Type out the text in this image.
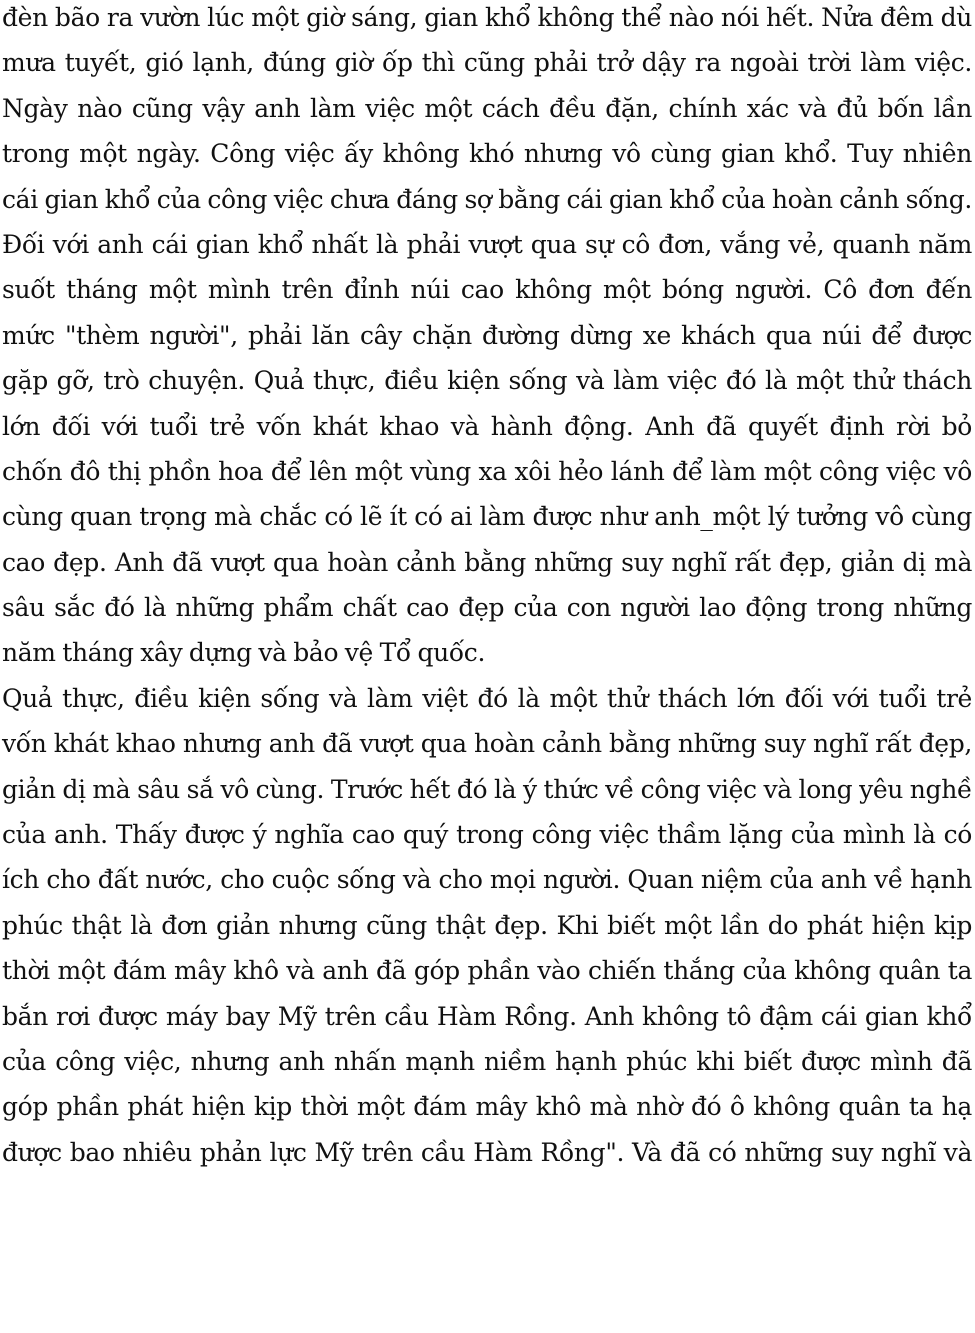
đèn bão ra vườn lúc một giờ sáng, gian khổ không thể nào nói hết. Nửa đêm dù
mưa tuyết, gió lạnh, đúng giờ ốp thì cũng phải trở dậy ra ngoài trời làm việc.
Ngày nào cũng vậy anh làm việc một cách đều đặn, chính xác và đủ bốn lần
trong một ngày. Công việc ấy không khó nhưng vô cùng gian khổ. Tuy nhiên
cái gian khổ của công việc chưa đáng sợ bằng cái gian khổ của hoàn cảnh sống.
Đối với anh cái gian khổ nhất là phải vượt qua sự cô đơn, vắng vẻ, quanh năm
suốt tháng một mình trên đỉnh núi cao không một bóng người. Cô đơn đến
mức "thèm người", phải lăn cây chặn đường dừng xe khách qua núi để được
gặp gỡ, trò chuyện. Quả thực, điều kiện sống và làm việc đó là một thử thách
lớn đối với tuổi trẻ vốn khát khao và hành động. Anh đã quyết định rời bỏ
chốn đô thị phồn hoa để lên một vùng xa xôi hẻo lánh để làm một công việc vô
cùng quan trọng mà chắc có lẽ ít có ai làm được như anh_một lý tưởng vô cùng
cao đẹp. Anh đã vượt qua hoàn cảnh bằng những suy nghĩ rất đẹp, giản dị mà
sâu sắc đó là những phẩm chất cao đẹp của con người lao động trong những
năm tháng xây dựng và bảo vệ Tổ quốc.
Quả thực, điều kiện sống và làm việt đó là một thử thách lớn đối với tuổi trẻ
vốn khát khao nhưng anh đã vượt qua hoàn cảnh bằng những suy nghĩ rất đẹp,
giản dị mà sâu sắ vô cùng. Trước hết đó là ý thức về công việc và long yêu nghề
của anh. Thấy được ý nghĩa cao quý trong công việc thầm lặng của mình là có
ích cho đất nước, cho cuộc sống và cho mọi người. Quan niệm của anh về hạnh
phúc thật là đơn giản nhưng cũng thật đẹp. Khi biết một lần do phát hiện kịp
thời một đám mây khô và anh đã góp phần vào chiến thắng của không quân ta
bắn rơi được máy bay Mỹ trên cầu Hàm Rồng. Anh không tô đậm cái gian khổ
của công việc, nhưng anh nhấn mạnh niềm hạnh phúc khi biết được mình đã
góp phần phát hiện kịp thời một đám mây khô mà nhờ đó ô không quân ta hạ
được bao nhiêu phản lực Mỹ trên cầu Hàm Rồng". Và đã có những suy nghĩ và
